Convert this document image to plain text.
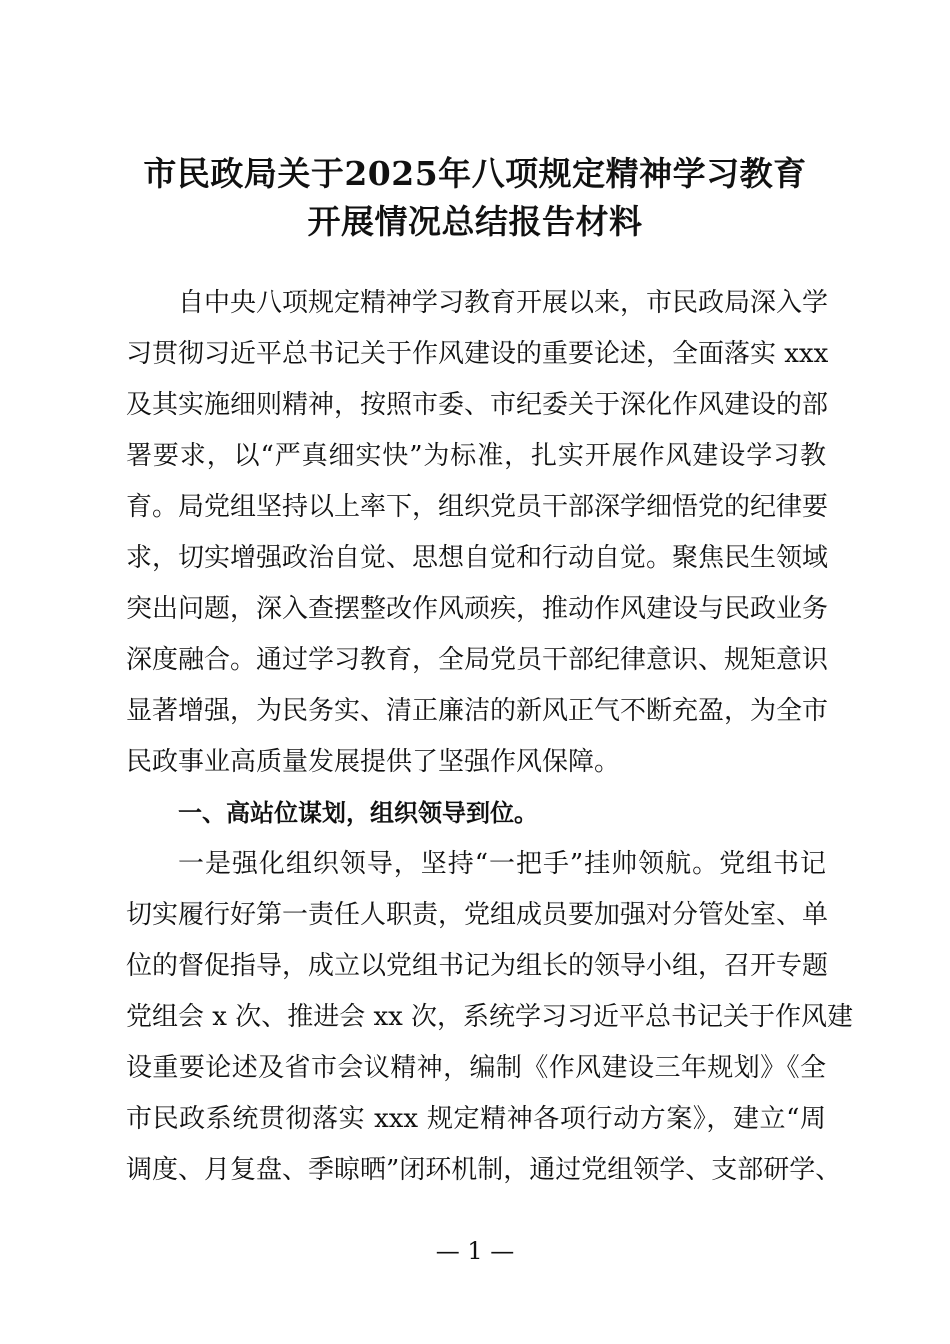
市民政局关于2025年八项规定精神学习教育
开展情况总结报告材料
自中央八项规定精神学习教育开展以来，市民政局深入学
习贯彻习近平总书记关于作风建设的重要论述，全面落实 xxx
及其实施细则精神，按照市委、市纪委关于深化作风建设的部
署要求，以“严真细实快”为标准，扎实开展作风建设学习教
育。局党组坚持以上率下，组织党员干部深学细悟党的纪律要
求，切实增强政治自觉、思想自觉和行动自觉。聚焦民生领域
突出问题，深入查摆整改作风顽疾，推动作风建设与民政业务
深度融合。通过学习教育，全局党员干部纪律意识、规矩意识
显著增强，为民务实、清正廉洁的新风正气不断充盈，为全市
民政事业高质量发展提供了坚强作风保障。
一、高站位谋划，组织领导到位。
一是强化组织领导，坚持“一把手”挂帅领航。党组书记
切实履行好第一责任人职责，党组成员要加强对分管处室、单
位的督促指导，成立以党组书记为组长的领导小组，召开专题
党组会 x 次、推进会 xx 次，系统学习习近平总书记关于作风建
设重要论述及省市会议精神，编制《作风建设三年规划》《全
市民政系统贯彻落实 xxx 规定精神各项行动方案》，建立“周
调度、月复盘、季晾晒”闭环机制，通过党组领学、支部研学、
— 1 —
